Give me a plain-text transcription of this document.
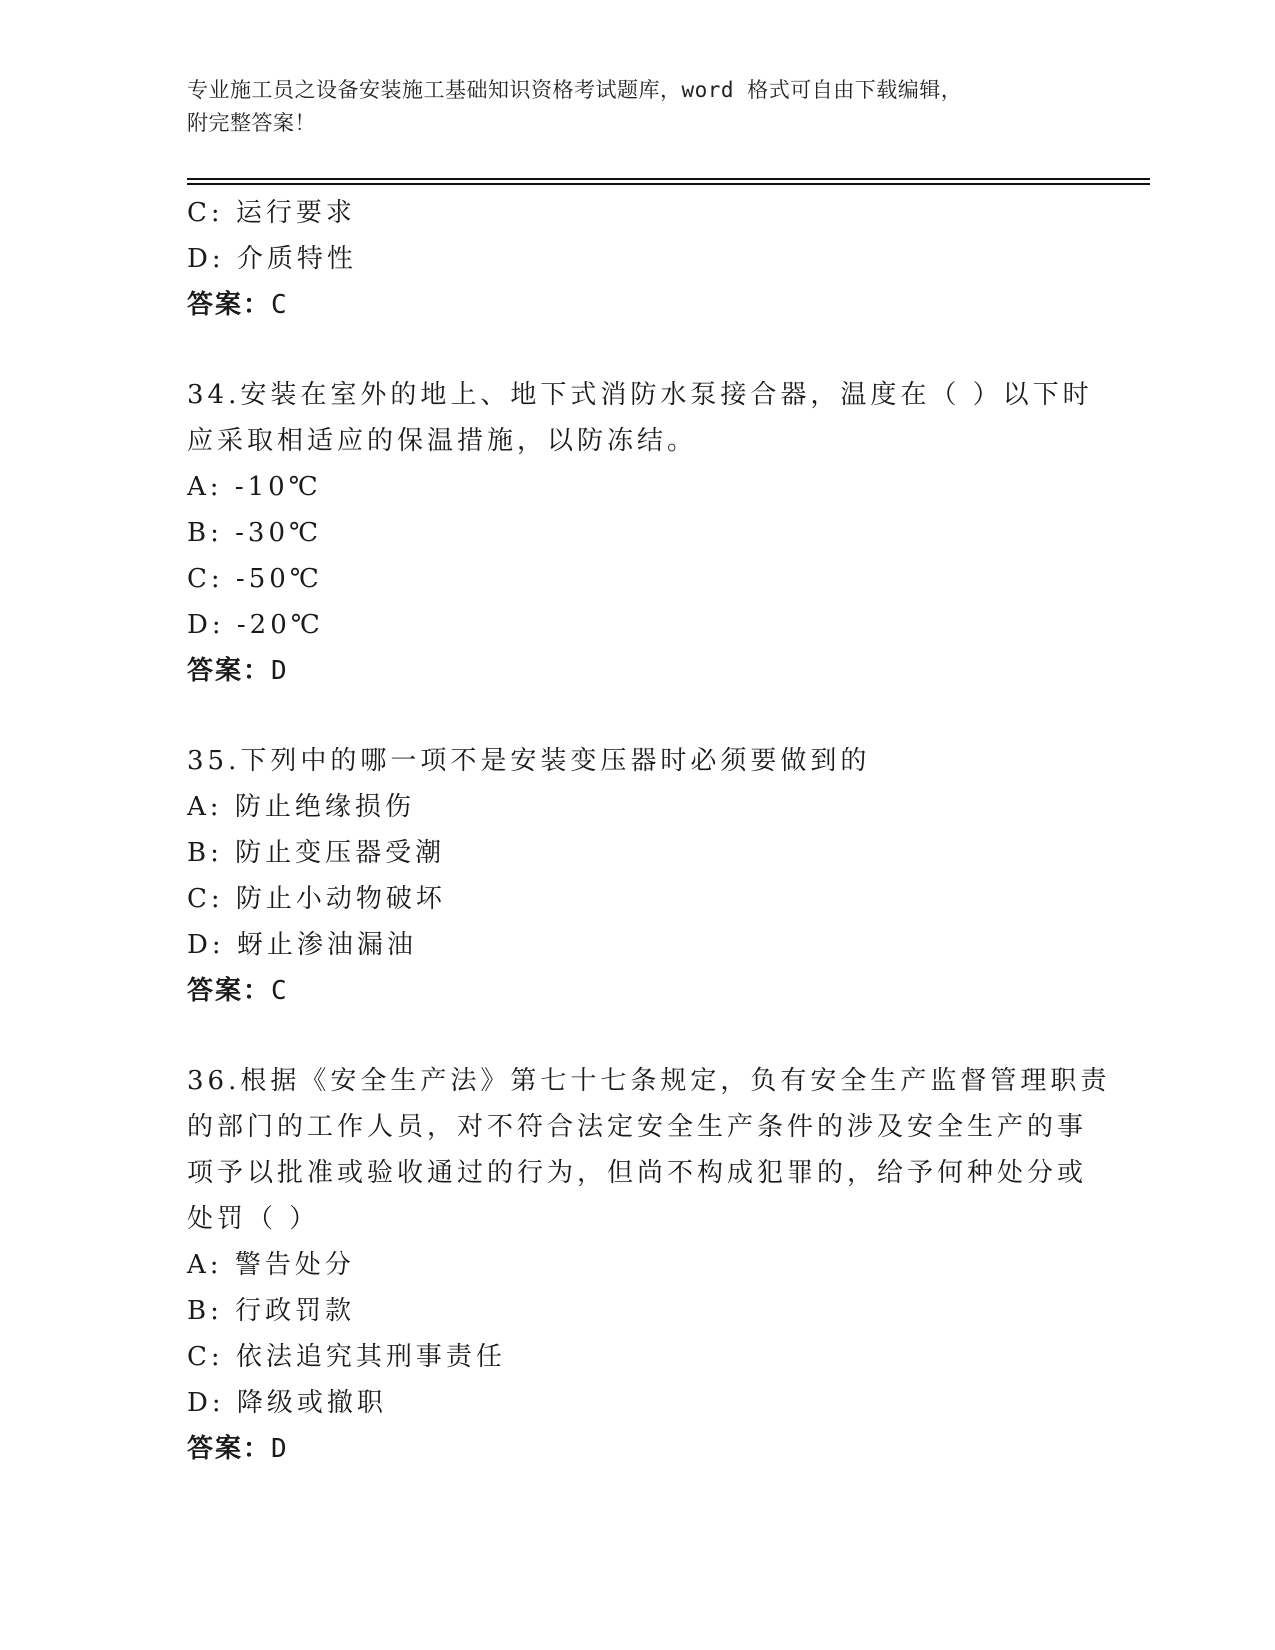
专业施工员之设备安装施工基础知识资格考试题库，word 格式可自由下载编辑，
附完整答案！
C: 运行要求
D: 介质特性
答案：C
34.安装在室外的地上、地下式消防水泵接合器，温度在（ ）以下时
应采取相适应的保温措施，以防冻结。
A: -10℃
B: -30℃
C: -50℃
D: -20℃
答案：D
35.下列中的哪一项不是安装变压器时必须要做到的
A: 防止绝缘损伤
B: 防止变压器受潮
C: 防止小动物破坏
D: 蚜止渗油漏油
答案：C
36.根据《安全生产法》第七十七条规定，负有安全生产监督管理职责
的部门的工作人员，对不符合法定安全生产条件的涉及安全生产的事
项予以批准或验收通过的行为，但尚不构成犯罪的，给予何种处分或
处罚（ ）
A: 警告处分
B: 行政罚款
C: 依法追究其刑事责任
D: 降级或撤职
答案：D
